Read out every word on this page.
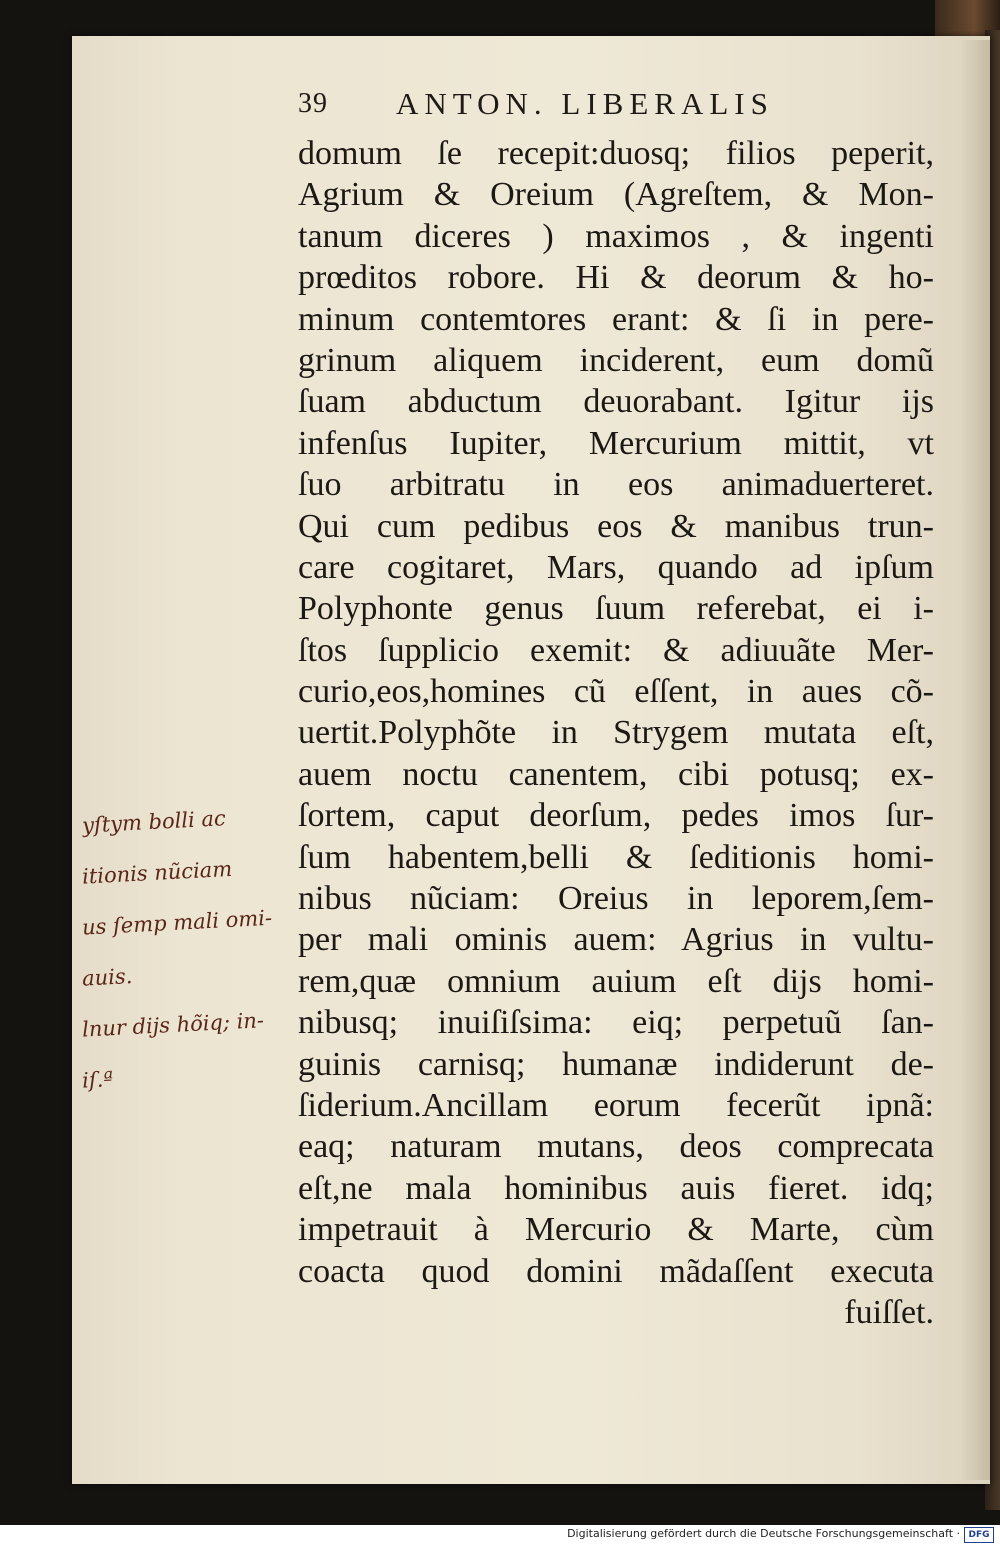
39 ANTON. LIBERALIS
domum ſe recepit:duosq; filios peperit,
Agrium & Oreium (Agreſtem, & Mon-
tanum diceres ) maximos , & ingenti
prœditos robore. Hi & deorum & ho-
minum contemtores erant: & ſi in pere-
grinum aliquem inciderent, eum domũ
ſuam abductum deuorabant. Igitur ijs
infenſus Iupiter, Mercurium mittit, vt
ſuo arbitratu in eos animaduerteret.
Qui cum pedibus eos & manibus trun-
care cogitaret, Mars, quando ad ipſum
Polyphonte genus ſuum referebat, ei i-
ſtos ſupplicio exemit: & adiuuãte Mer-
curio,eos,homines cũ eſſent, in aues cõ-
uertit.Polyphõte in Strygem mutata eſt,
auem noctu canentem, cibi potusq; ex-
ſortem, caput deorſum, pedes imos ſur-
ſum habentem,belli & ſeditionis homi-
nibus nũciam: Oreius in leporem,ſem-
per mali ominis auem: Agrius in vultu-
rem,quæ omnium auium eſt dijs homi-
nibusq; inuiſiſsima: eiq; perpetuũ ſan-
guinis carnisq; humanæ indiderunt de-
ſiderium.Ancillam eorum fecerũt ipnã:
eaq; naturam mutans, deos comprecata
eſt,ne mala hominibus auis fieret. idq;
impetrauit à Mercurio & Marte, cùm
coacta quod domini mãdaſſent executa
fuiſſet.
yſtym bolli ac
itionis nũciam
us ſemp mali omi-
auis.
lnur dijs hõiq; in-
iſ.ª
Digitalisierung gefördert durch die Deutsche Forschungsgemeinschaft · DFG
